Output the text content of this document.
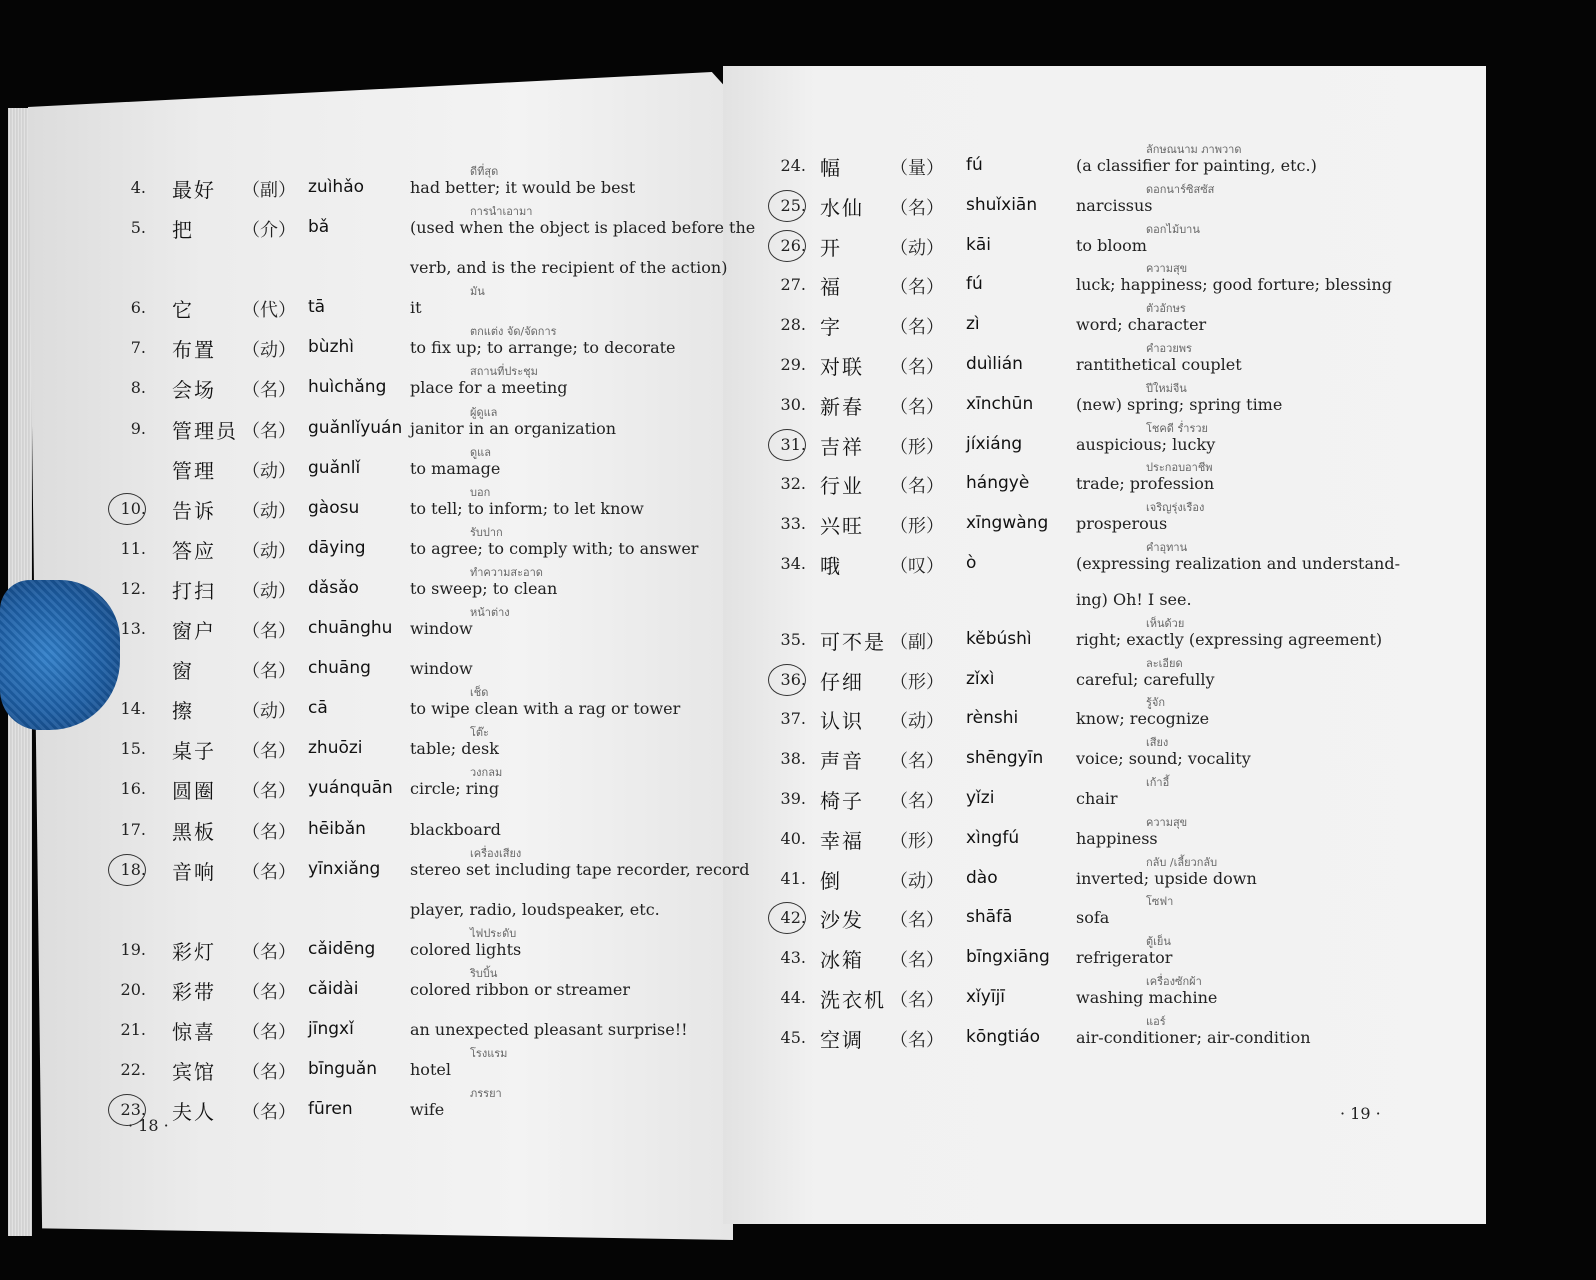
4. 最好 （副） zuìhǎo	had better; it would be best
ดีที่สุด
5. 把	（介） bǎ	(used when the object is placed before the
verb, and is the recipient of the action)
การนำเอามา
6. 它	（代） tā	it
มัน
7. 布置 （动） bùzhì	to fix up; to arrange; to decorate
ตกแต่ง จัด/จัดการ
8. 会场 （名） huìchǎng place for a meeting
สถานที่ประชุม
9. 管理员 （名） guǎnlǐyuán janitor in an organization
ผู้ดูแล
管理 （动） guǎnlǐ	to mamage
ดูแล
10. 告诉 （动） gàosu	to tell; to inform; to let know
บอก
11. 答应 （动） dāying	to agree; to comply with; to answer
รับปาก
12. 打扫 （动） dǎsǎo	to sweep; to clean
ทำความสะอาด
13. 窗户 （名） chuānghu window
หน้าต่าง
窗	（名） chuāng window
14. 擦	（动） cā	to wipe clean with a rag or tower
เช็ด
15. 桌子 （名） zhuōzi	table; desk
โต๊ะ
16. 圆圈 （名） yuánquān circle; ring
วงกลม
17. 黑板 （名） hēibǎn	blackboard
18. 音响 （名） yīnxiǎng stereo set including tape recorder, record
player, radio, loudspeaker, etc.
เครื่องเสียง
19. 彩灯 （名） cǎidēng colored lights
ไฟประดับ
20. 彩带 （名） cǎidài	colored ribbon or streamer
ริบบิ้น
21. 惊喜 （名） jīngxǐ	an unexpected pleasant surprise!!
22. 宾馆 （名） bīnguǎn hotel
โรงแรม
23. 夫人 （名） fūren	wife
ภรรยา
24. 幅	（量） fú	(a classifier for painting, etc.)
ลักษณนาม ภาพวาด
25. 水仙 （名） shuǐxiān narcissus
ดอกนาร์ซิสซัส
26. 开	（动） kāi	to bloom
ดอกไม้บาน
27. 福	（名） fú	luck; happiness; good forture; blessing
ความสุข
28. 字	（名） zì	word; character
ตัวอักษร
29. 对联 （名） duìlián	rantithetical couplet
คำอวยพร
30. 新春 （名） xīnchūn	(new) spring; spring time
ปีใหม่จีน
31. 吉祥 （形） jíxiáng	auspicious; lucky
โชคดี ร่ำรวย
32. 行业 （名） hángyè	trade; profession
ประกอบอาชีพ
33. 兴旺 （形） xīngwàng prosperous
เจริญรุ่งเรือง
34. 哦	（叹） ò	(expressing realization and understand-
ing) Oh! I see.
คำอุทาน
35. 可不是 （副） kěbúshì	right; exactly (expressing agreement)
เห็นด้วย
36. 仔细 （形） zǐxì	careful; carefully
ละเอียด
37. 认识 （动） rènshi	know; recognize
รู้จัก
38. 声音 （名） shēngyīn voice; sound; vocality
เสียง
39. 椅子 （名） yǐzi	chair
เก้าอี้
40. 幸福 （形） xìngfú	happiness
ความสุข
41. 倒	（动） dào	inverted; upside down
กลับ /เลี้ยวกลับ
42. 沙发 （名） shāfā	sofa
โซฟา
43. 冰箱 （名） bīngxiāng refrigerator
ตู้เย็น
44. 洗衣机 （名） xǐyījī	washing machine
เครื่องซักผ้า
45. 空调 （名） kōngtiáo air-conditioner; air-condition
แอร์
· 18 ·
· 19 ·
